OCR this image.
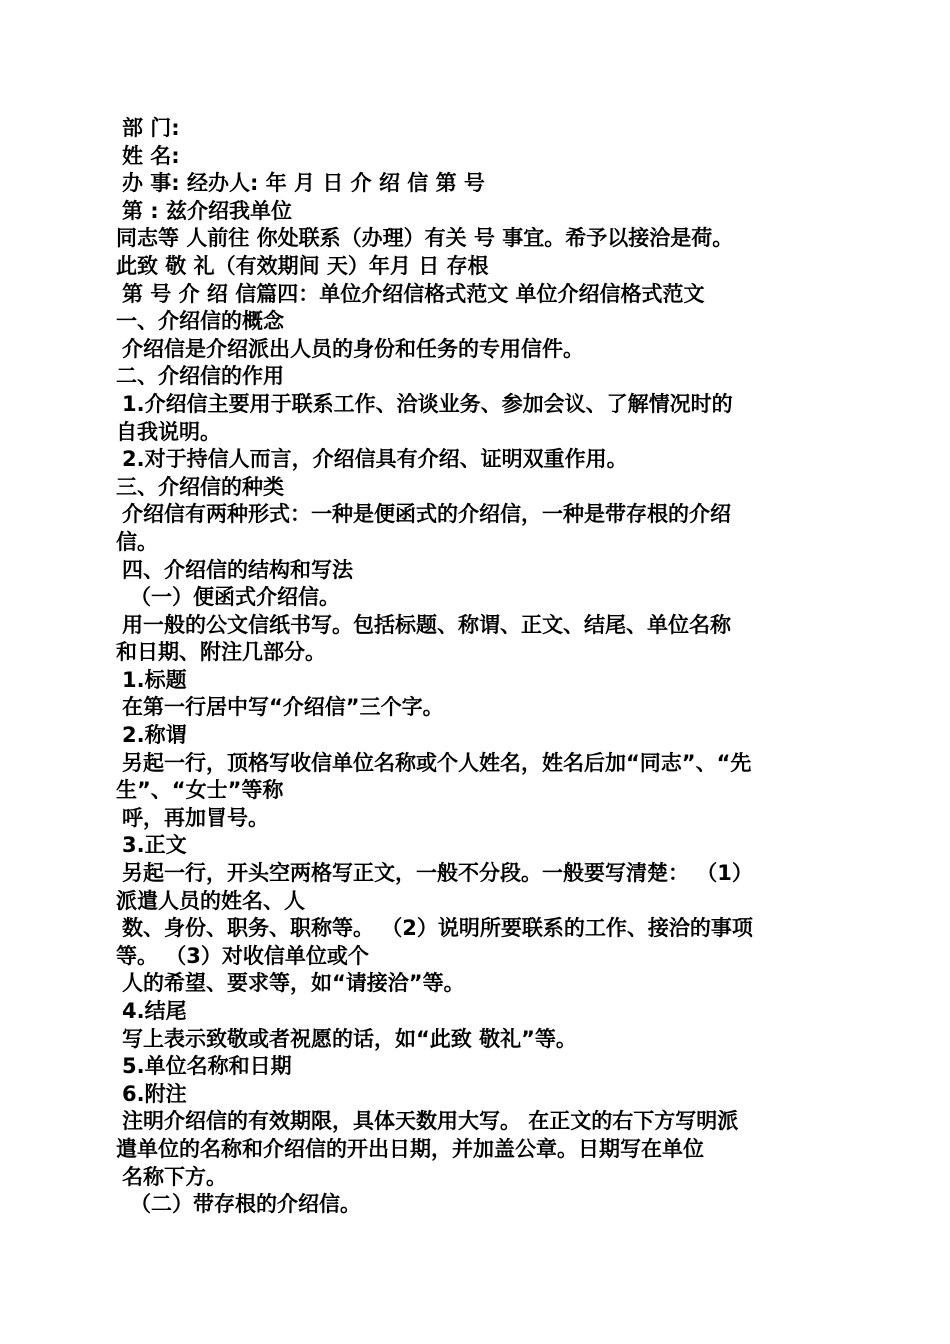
部 门:
姓 名:
办 事: 经办人: 年 月 日 介 绍 信 第 号
第 : 兹介绍我单位
同志等 人前往 你处联系（办理）有关 号 事宜。希予以接洽是荷。
此致 敬 礼（有效期间 天）年月 日 存根
第 号 介 绍 信篇四：单位介绍信格式范文 单位介绍信格式范文
一、介绍信的概念
介绍信是介绍派出人员的身份和任务的专用信件。
二、介绍信的作用
1.介绍信主要用于联系工作、洽谈业务、参加会议、了解情况时的
自我说明。
2.对于持信人而言，介绍信具有介绍、证明双重作用。
三、介绍信的种类
介绍信有两种形式：一种是便函式的介绍信，一种是带存根的介绍
信。
四、介绍信的结构和写法
（一）便函式介绍信。
用一般的公文信纸书写。包括标题、称谓、正文、结尾、单位名称
和日期、附注几部分。
1.标题
在第一行居中写“介绍信”三个字。
2.称谓
另起一行，顶格写收信单位名称或个人姓名，姓名后加“同志”、“先
生”、“女士”等称
呼，再加冒号。
3.正文
另起一行，开头空两格写正文，一般不分段。一般要写清楚： （1）
派遣人员的姓名、人
数、身份、职务、职称等。 （2）说明所要联系的工作、接洽的事项
等。 （3）对收信单位或个
人的希望、要求等，如“请接洽”等。
4.结尾
写上表示致敬或者祝愿的话，如“此致 敬礼”等。
5.单位名称和日期
6.附注
注明介绍信的有效期限，具体天数用大写。 在正文的右下方写明派
遣单位的名称和介绍信的开出日期，并加盖公章。日期写在单位
名称下方。
（二）带存根的介绍信。
